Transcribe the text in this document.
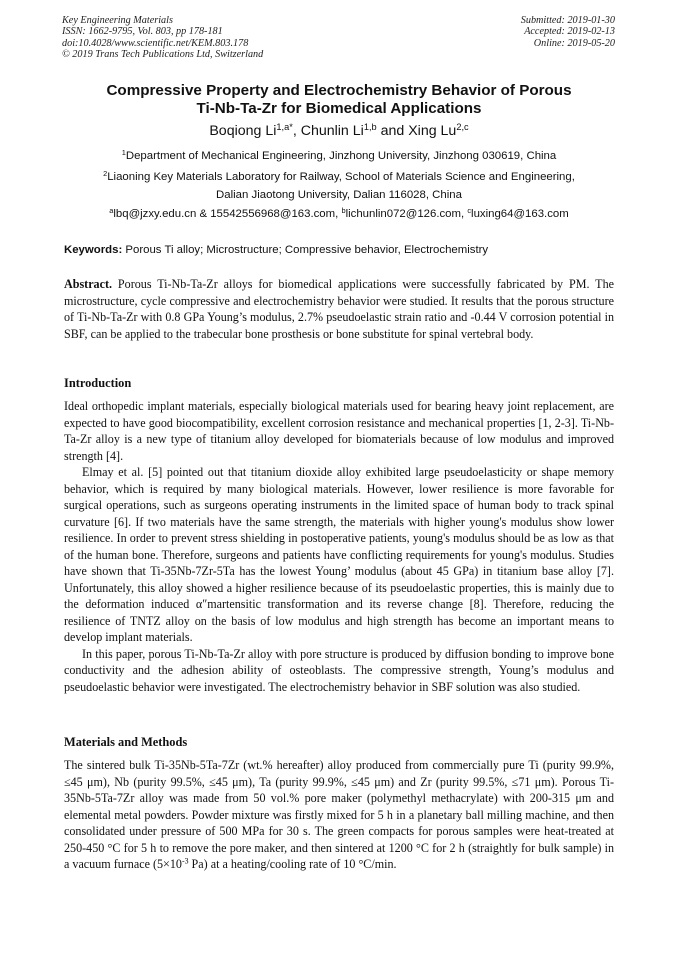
Key Engineering Materials
ISSN: 1662-9795, Vol. 803, pp 178-181
doi:10.4028/www.scientific.net/KEM.803.178
© 2019 Trans Tech Publications Ltd, Switzerland
Submitted: 2019-01-30
Accepted: 2019-02-13
Online: 2019-05-20
Compressive Property and Electrochemistry Behavior of Porous
Ti-Nb-Ta-Zr for Biomedical Applications
Boqiong $Li^{1,a*}$, Chunlin Li$^{1,b}$ and Xing Lu$^{2,c}$
$^1$Department of Mechanical Engineering, Jinzhong University, Jinzhong 030619, China
$^2$Liaoning Key Materials Laboratory for Railway, School of Materials Science and Engineering,
Dalian Jiaotong University, Dalian 116028, China
$^a$lbq@jzxy.edu.cn & 15542556968@163.com, $^b$lichunlin072@126.com, $^c$luxing64@163.com
Keywords: Porous Ti alloy; Microstructure; Compressive behavior, Electrochemistry

Abstract. Porous Ti-Nb-Ta-Zr alloys for biomedical applications were successfully fabricated by PM. The microstructure, cycle compressive and electrochemistry behavior were studied. It results that the porous structure of Ti-Nb-Ta-Zr with 0.8 GPa Young’s modulus, 2.7% pseudoelastic strain ratio and -0.44 V corrosion potential in SBF, can be applied to the trabecular bone prosthesis or bone substitute for spinal vertebral body.

Introduction

Ideal orthopedic implant materials, especially biological materials used for bearing heavy joint replacement, are expected to have good biocompatibility, excellent corrosion resistance and mechanical properties [1, 2-3]. Ti-Nb-Ta-Zr alloy is a new type of titanium alloy developed for biomaterials because of low modulus and improved strength [4].

Elmay et al. [5] pointed out that titanium dioxide alloy exhibited large pseudoelasticity or shape memory behavior, which is required by many biological materials. However, lower resilience is more favorable for surgical operations, such as surgeons operating instruments in the limited space of human body to track spinal curvature [6]. If two materials have the same strength, the materials with higher young's modulus show lower resilience. In order to prevent stress shielding in postoperative patients, young's modulus should be as low as that of the human bone. Therefore, surgeons and patients have conflicting requirements for young's modulus. Studies have shown that Ti-35Nb-7Zr-5Ta has the lowest Young’ modulus (about 45 GPa) in titanium base alloy [7]. Unfortunately, this alloy showed a higher resilience because of its pseudoelastic properties, this is mainly due to the deformation induced α″martensitic transformation and its reverse change [8]. Therefore, reducing the resilience of TNTZ alloy on the basis of low modulus and high strength has become an important means to develop implant materials.

In this paper, porous Ti-Nb-Ta-Zr alloy with pore structure is produced by diffusion bonding to improve bone conductivity and the adhesion ability of osteoblasts. The compressive strength, Young’s modulus and pseudoelastic behavior were investigated. The electrochemistry behavior in SBF solution was also studied.

Materials and Methods

The sintered bulk Ti-35Nb-5Ta-7Zr (wt.% hereafter) alloy produced from commercially pure Ti (purity 99.9%, ≤45 μm), Nb (purity 99.5%, ≤45 μm), Ta (purity 99.9%, ≤45 μm) and Zr (purity 99.5%, ≤71 μm). Porous Ti-35Nb-5Ta-7Zr alloy was made from 50 vol.% pore maker (polymethyl methacrylate) with 200-315 μm and elemental metal powders. Powder mixture was firstly mixed for 5 h in a planetary ball milling machine, and then consolidated under pressure of 500 MPa for 30 s. The green compacts for porous samples were heat-treated at 250-450 °C for 5 h to remove the pore maker, and then sintered at 1200 °C for 2 h (straightly for bulk sample) in a vacuum furnace ($5\times 10^{-3}$ Pa) at a heating/cooling rate of 10 °C/min.
